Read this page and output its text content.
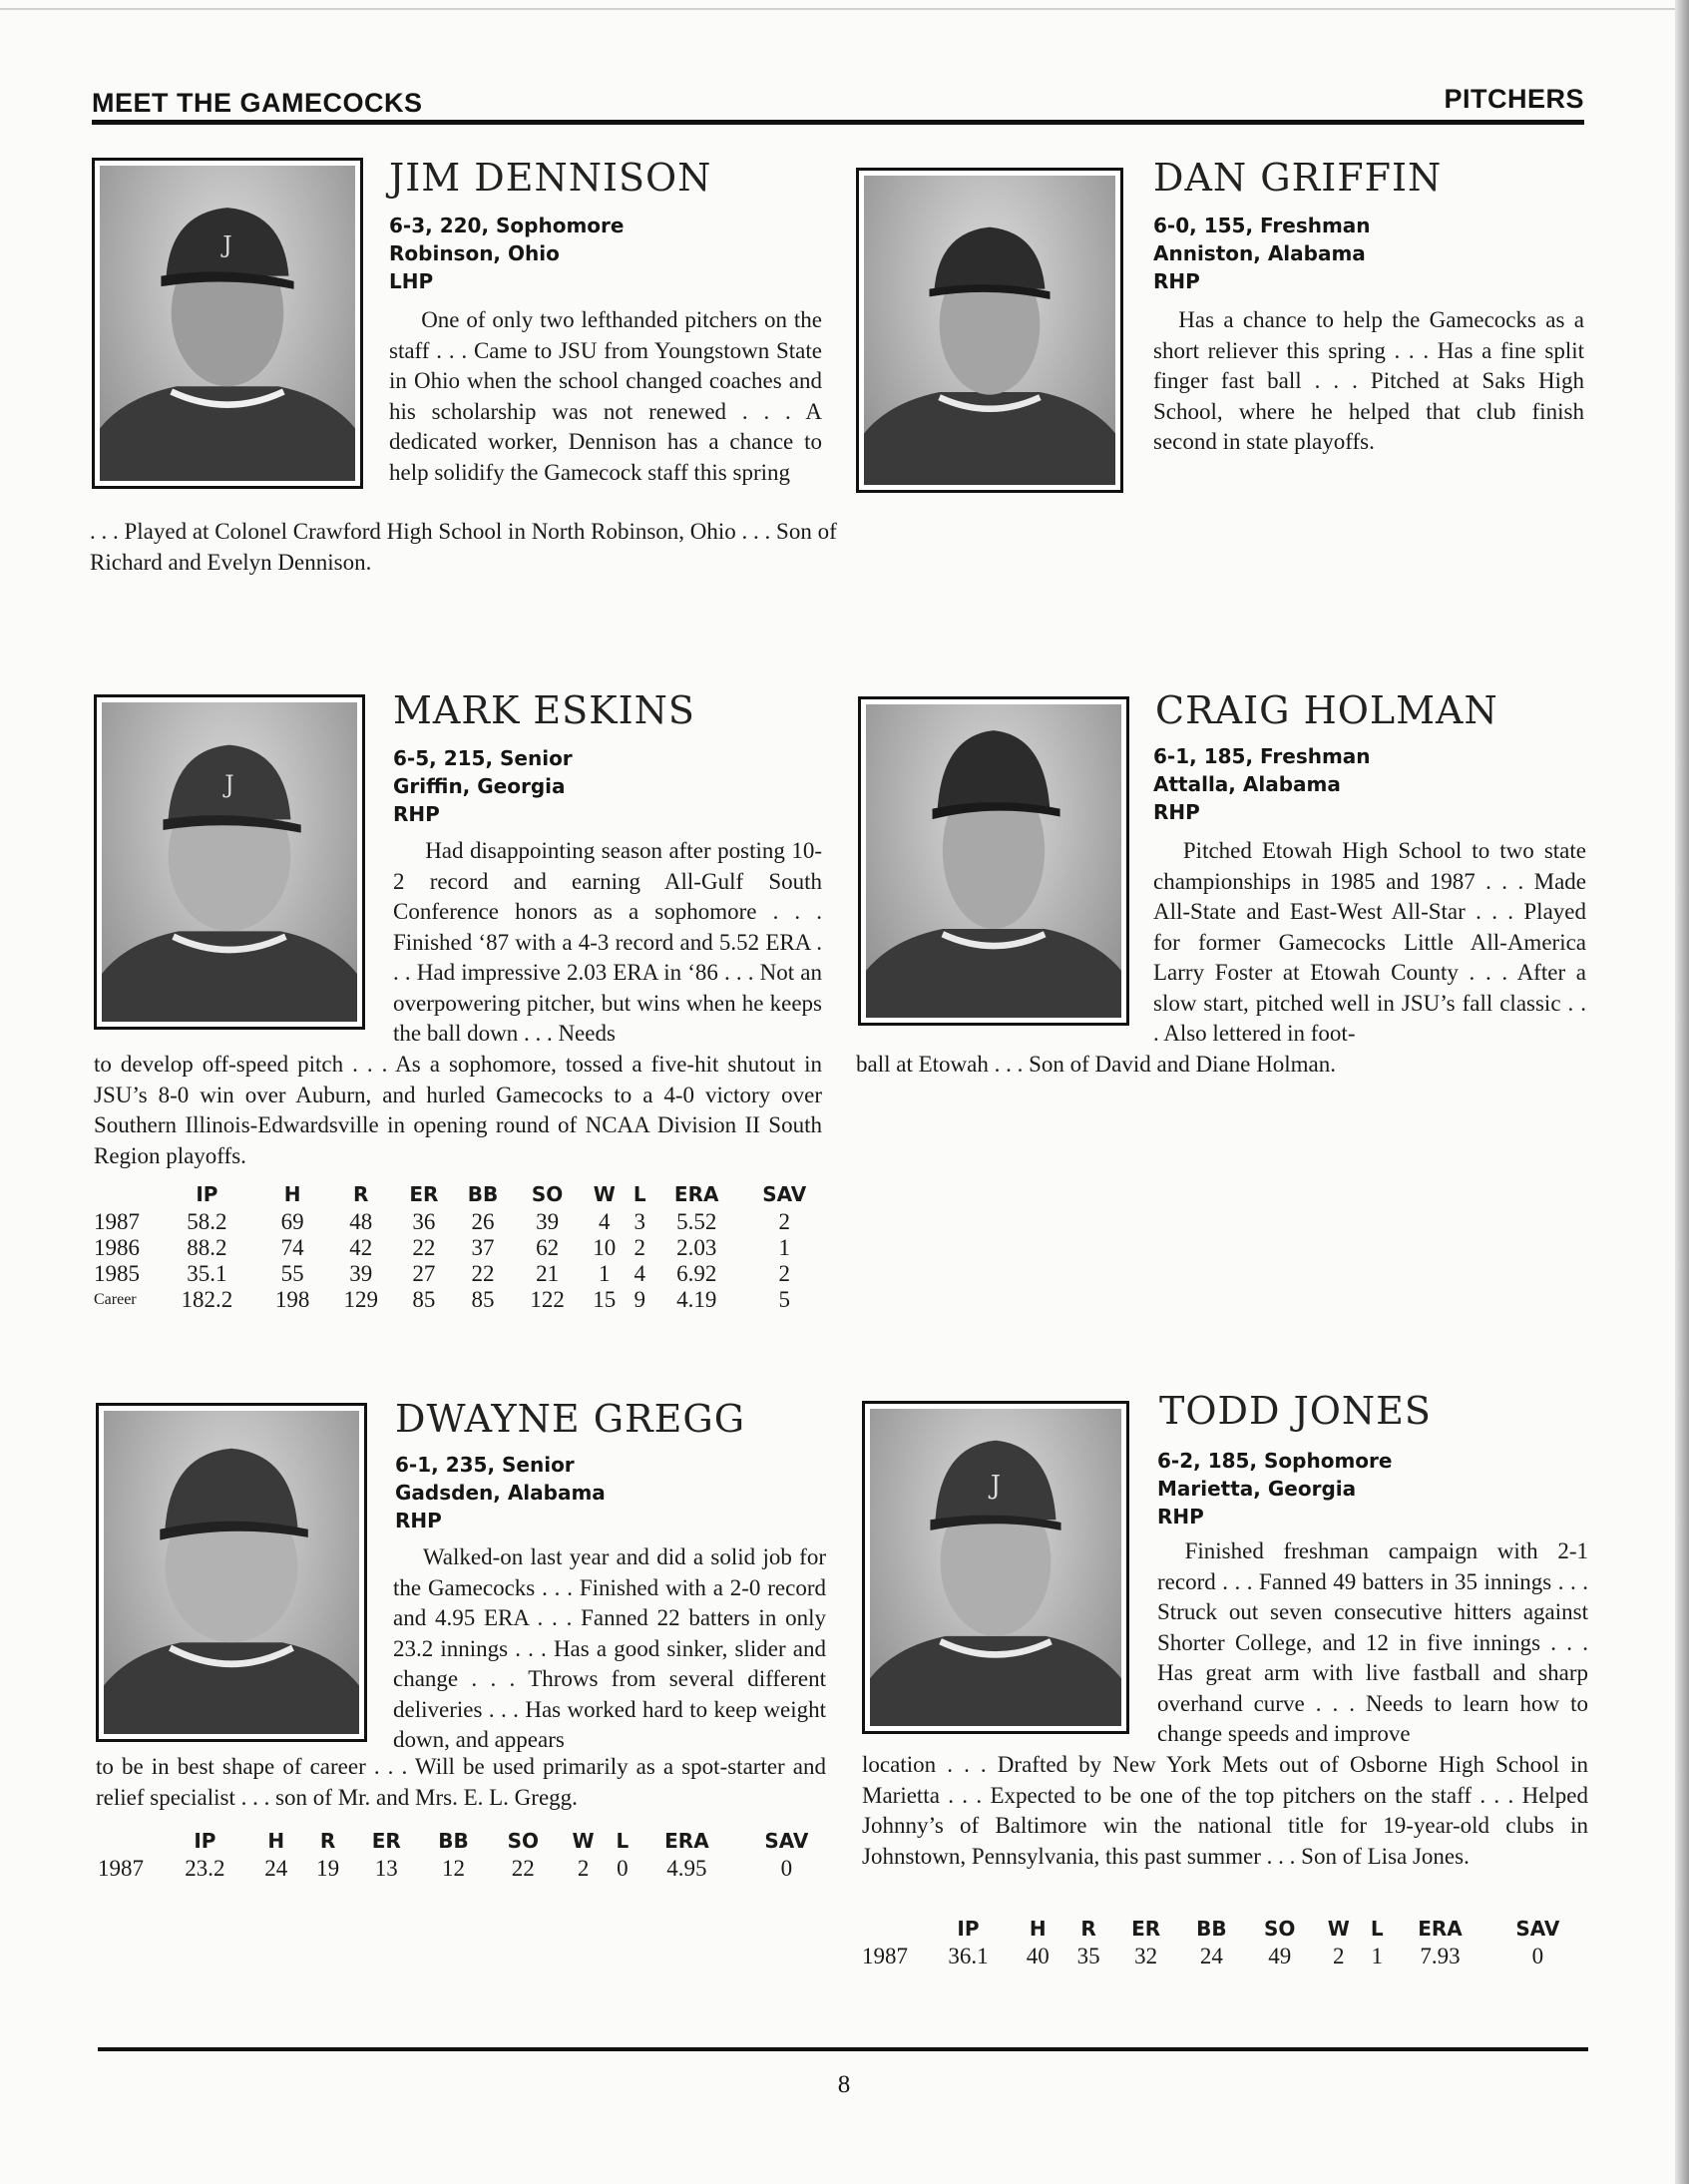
MEET THE GAMECOCKS	PITCHERS
J
JIM DENNISON
6-3, 220, Sophomore
Robinson, Ohio
LHP

One of only two lefthanded pitchers on the staff . . . Came to JSU from Youngstown State in Ohio when the school changed coaches and his scholarship was not renewed . . . A dedicated worker, Dennison has a chance to help solidify the Gamecock staff this spring

. . . Played at Colonel Crawford High School in North Robinson, Ohio . . . Son of Richard and Evelyn Dennison.

DAN GRIFFIN
6-0, 155, Freshman
Anniston, Alabama
RHP

Has a chance to help the Gamecocks as a short reliever this spring . . . Has a fine split finger fast ball . . . Pitched at Saks High School, where he helped that club finish second in state playoffs.

J
MARK ESKINS
6-5, 215, Senior
Griffin, Georgia
RHP

Had disappointing season after posting 10-2 record and earning All-Gulf South Conference honors as a sophomore . . . Finished ‘87 with a 4-3 record and 5.52 ERA . . . Had impressive 2.03 ERA in ‘86 . . . Not an overpowering pitcher, but wins when he keeps the ball down . . . Needs

to develop off-speed pitch . . . As a sophomore, tossed a five-hit shutout in JSU’s 8-0 win over Auburn, and hurled Gamecocks to a 4-0 victory over Southern Illinois-Edwardsville in opening round of NCAA Division II South Region playoffs.

	IP	H	R	ER	BB	SO	W	L	ERA	SAV
1987	58.2	69	48	36	26	39	4	3	5.52	2
1986	88.2	74	42	22	37	62	10	2	2.03	1
1985	35.1	55	39	27	22	21	1	4	6.92	2
Career	182.2	198	129	85	85	122	15	9	4.19	5
CRAIG HOLMAN
6-1, 185, Freshman
Attalla, Alabama
RHP

Pitched Etowah High School to two state championships in 1985 and 1987 . . . Made All-State and East-West All-Star . . . Played for former Gamecocks Little All-America Larry Foster at Etowah County . . . After a slow start, pitched well in JSU’s fall classic . . . Also lettered in foot-

ball at Etowah . . . Son of David and Diane Holman.

DWAYNE GREGG
6-1, 235, Senior
Gadsden, Alabama
RHP

Walked-on last year and did a solid job for the Gamecocks . . . Finished with a 2-0 record and 4.95 ERA . . . Fanned 22 batters in only 23.2 innings . . . Has a good sinker, slider and change . . . Throws from several different deliveries . . . Has worked hard to keep weight down, and appears

to be in best shape of career . . . Will be used primarily as a spot-starter and relief specialist . . . son of Mr. and Mrs. E. L. Gregg.

	IP	H	R	ER	BB	SO	W	L	ERA	SAV
1987	23.2	24	19	13	12	22	2	0	4.95	0
J
TODD JONES
6-2, 185, Sophomore
Marietta, Georgia
RHP

Finished freshman campaign with 2-1 record . . . Fanned 49 batters in 35 innings . . . Struck out seven consecutive hitters against Shorter College, and 12 in five innings . . . Has great arm with live fastball and sharp overhand curve . . . Needs to learn how to change speeds and improve

location . . . Drafted by New York Mets out of Osborne High School in Marietta . . . Expected to be one of the top pitchers on the staff . . . Helped Johnny’s of Baltimore win the national title for 19-year-old clubs in Johnstown, Pennsylvania, this past summer . . . Son of Lisa Jones.

	IP	H	R	ER	BB	SO	W	L	ERA	SAV
1987	36.1	40	35	32	24	49	2	1	7.93	0
8
